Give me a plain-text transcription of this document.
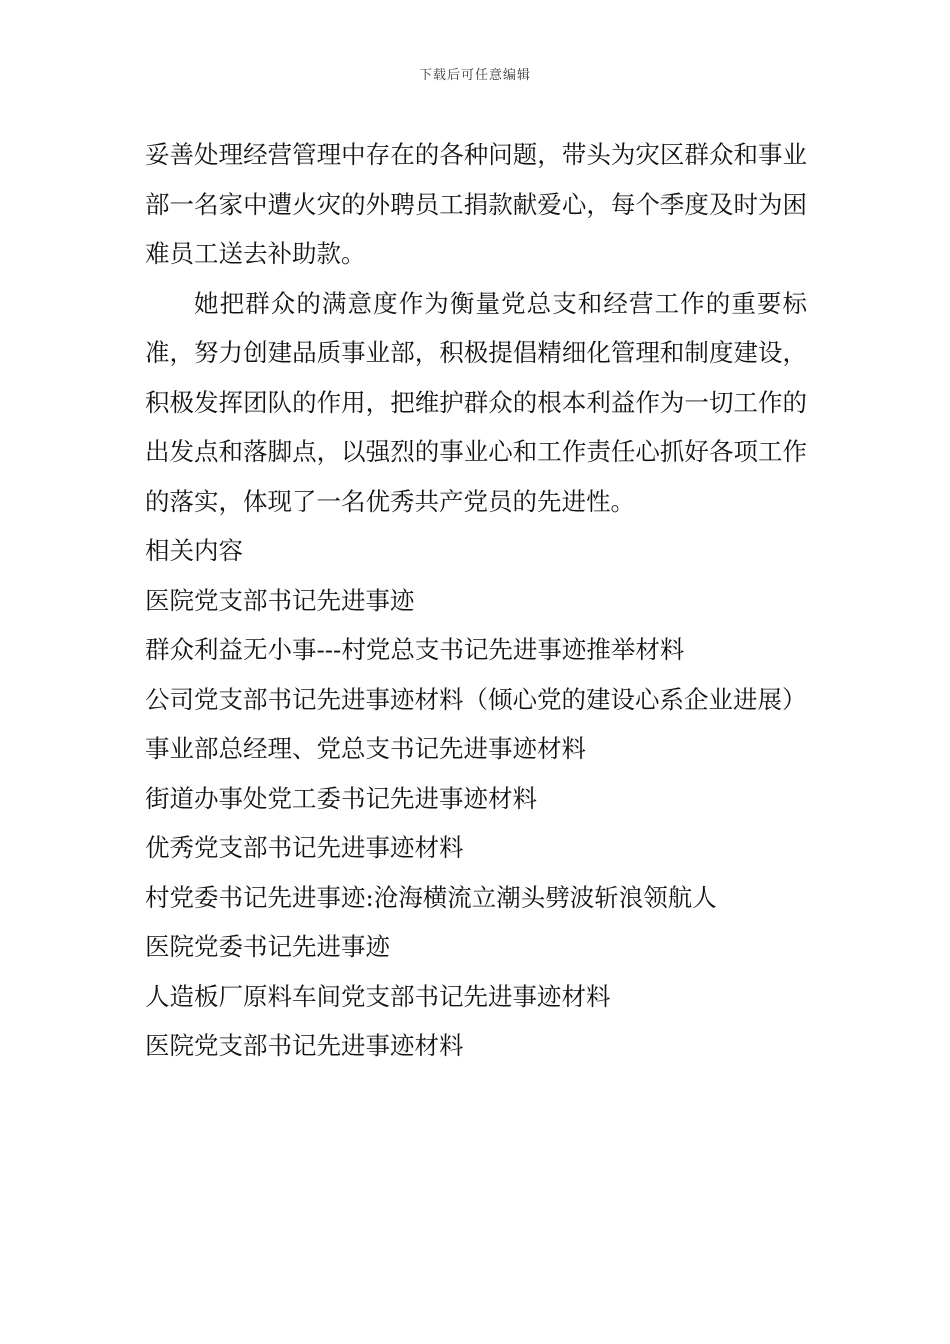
下载后可任意编辑

妥善处理经营管理中存在的各种问题，带头为灾区群众和事业部一名家中遭火灾的外聘员工捐款献爱心，每个季度及时为困难员工送去补助款。

她把群众的满意度作为衡量党总支和经营工作的重要标准，努力创建品质事业部，积极提倡精细化管理和制度建设，积极发挥团队的作用，把维护群众的根本利益作为一切工作的出发点和落脚点，以强烈的事业心和工作责任心抓好各项工作的落实，体现了一名优秀共产党员的先进性。

相关内容

医院党支部书记先进事迹
群众利益无小事---村党总支书记先进事迹推举材料
公司党支部书记先进事迹材料（倾心党的建设心系企业进展）
事业部总经理、党总支书记先进事迹材料
街道办事处党工委书记先进事迹材料
优秀党支部书记先进事迹材料
村党委书记先进事迹:沧海横流立潮头劈波斩浪领航人
医院党委书记先进事迹
人造板厂原料车间党支部书记先进事迹材料
医院党支部书记先进事迹材料
